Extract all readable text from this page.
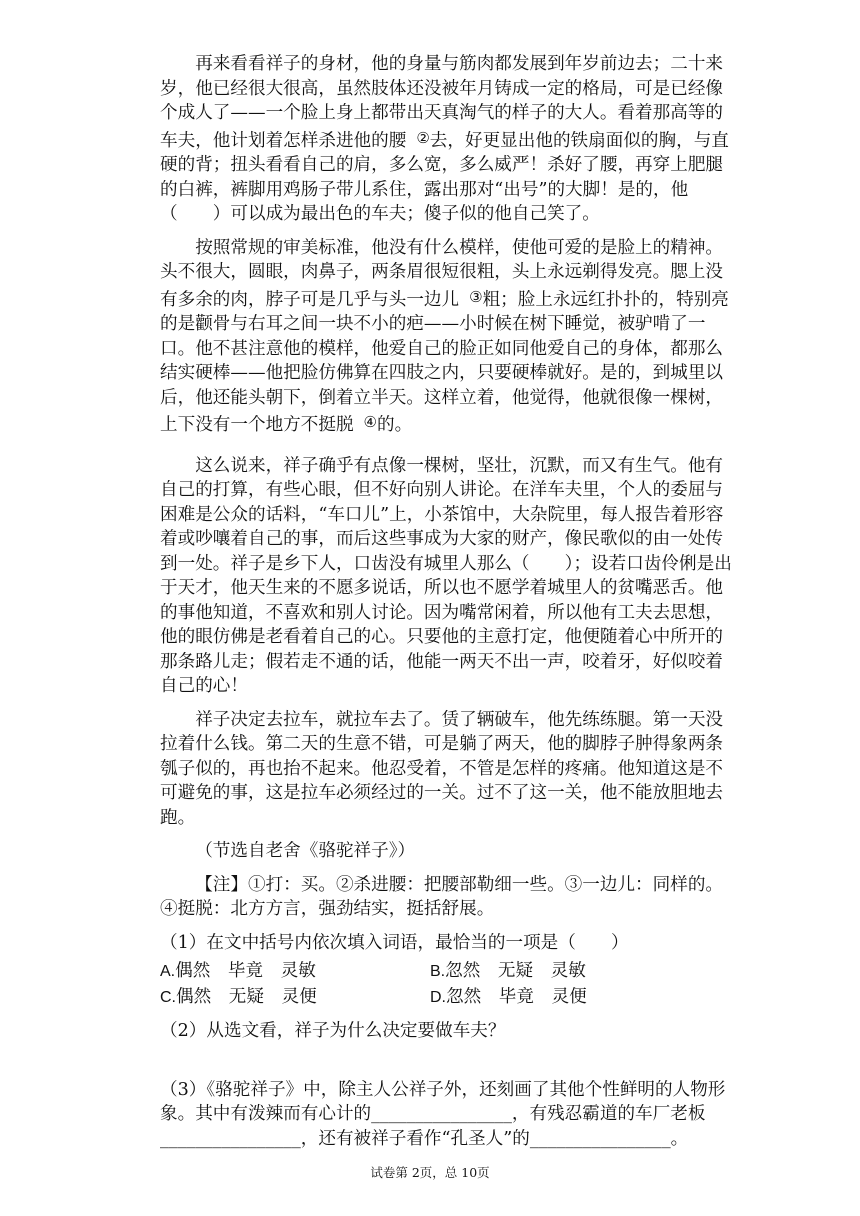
再来看看祥子的身材，他的身量与筋肉都发展到年岁前边去；二十来岁，他已经很大很高，虽然肢体还没被年月铸成一定的格局，可是已经像个成人了——一个脸上身上都带出天真淘气的样子的大人。看着那高等的车夫，他计划着怎样杀进他的腰 ②去，好更显出他的铁扇面似的胸，与直硬的背；扭头看看自己的肩，多么宽，多么威严！杀好了腰，再穿上肥腿的白裤，裤脚用鸡肠子带儿系住，露出那对“出号”的大脚！是的，他（　　）可以成为最出色的车夫；傻子似的他自己笑了。

按照常规的审美标准，他没有什么模样，使他可爱的是脸上的精神。头不很大，圆眼，肉鼻子，两条眉很短很粗，头上永远剃得发亮。腮上没有多余的肉，脖子可是几乎与头一边儿 ③粗；脸上永远红扑扑的，特别亮的是颧骨与右耳之间一块不小的疤——小时候在树下睡觉，被驴啃了一口。他不甚注意他的模样，他爱自己的脸正如同他爱自己的身体，都那么结实硬棒——他把脸仿佛算在四肢之内，只要硬棒就好。是的，到城里以后，他还能头朝下，倒着立半天。这样立着，他觉得，他就很像一棵树，上下没有一个地方不挺脱 ④的。

这么说来，祥子确乎有点像一棵树，坚壮，沉默，而又有生气。他有自己的打算，有些心眼，但不好向别人讲论。在洋车夫里，个人的委屈与困难是公众的话料，“车口儿”上，小茶馆中，大杂院里，每人报告着形容着或吵嚷着自己的事，而后这些事成为大家的财产，像民歌似的由一处传到一处。祥子是乡下人，口齿没有城里人那么（　　）；设若口齿伶俐是出于天才，他天生来的不愿多说话，所以也不愿学着城里人的贫嘴恶舌。他的事他知道，不喜欢和别人讨论。因为嘴常闲着，所以他有工夫去思想，他的眼仿佛是老看着自己的心。只要他的主意打定，他便随着心中所开的那条路儿走；假若走不通的话，他能一两天不出一声，咬着牙，好似咬着自己的心！

祥子决定去拉车，就拉车去了。赁了辆破车，他先练练腿。第一天没拉着什么钱。第二天的生意不错，可是躺了两天，他的脚脖子肿得象两条瓠子似的，再也抬不起来。他忍受着，不管是怎样的疼痛。他知道这是不可避免的事，这是拉车必须经过的一关。过不了这一关，他不能放胆地去跑。

（节选自老舍《骆驼祥子》）

【注】①打：买。②杀进腰：把腰部勒细一些。③一边儿：同样的。④挺脱：北方方言，强劲结实，挺括舒展。

（1）在文中括号内依次填入词语，最恰当的一项是（　　）

A.偶然　毕竟　灵敏	B.忽然　无疑　灵敏
C.偶然　无疑　灵便	D.忽然　毕竟　灵便

（2）从选文看，祥子为什么决定要做车夫？

（3）《骆驼祥子》中，除主人公祥子外，还刻画了其他个性鲜明的人物形象。其中有泼辣而有心计的________________，有残忍霸道的车厂老板________________，还有被祥子看作“孔圣人”的________________。

试卷第 2页，总 10页
